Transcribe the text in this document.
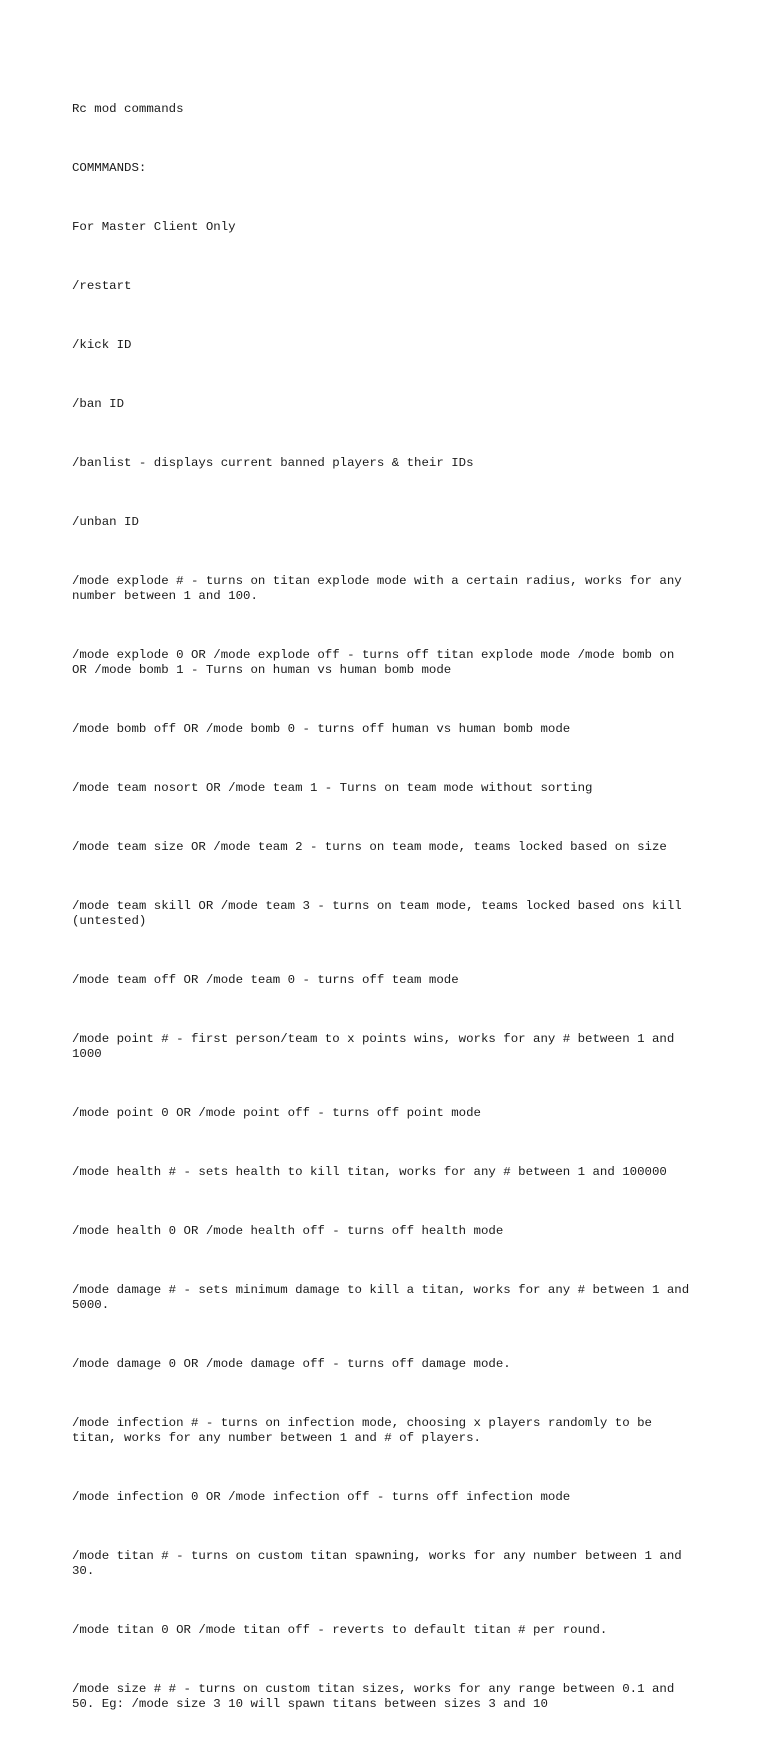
Rc mod commands

COMMMANDS:

For Master Client Only

/restart

/kick ID

/ban ID

/banlist - displays current banned players & their IDs

/unban ID

/mode explode # - turns on titan explode mode with a certain radius, works for any
number between 1 and 100.

/mode explode 0 OR /mode explode off - turns off titan explode mode /mode bomb on
OR /mode bomb 1 - Turns on human vs human bomb mode

/mode bomb off OR /mode bomb 0 - turns off human vs human bomb mode

/mode team nosort OR /mode team 1 - Turns on team mode without sorting

/mode team size OR /mode team 2 - turns on team mode, teams locked based on size

/mode team skill OR /mode team 3 - turns on team mode, teams locked based ons kill
(untested)

/mode team off OR /mode team 0 - turns off team mode

/mode point # - first person/team to x points wins, works for any # between 1 and
1000

/mode point 0 OR /mode point off - turns off point mode

/mode health # - sets health to kill titan, works for any # between 1 and 100000

/mode health 0 OR /mode health off - turns off health mode

/mode damage # - sets minimum damage to kill a titan, works for any # between 1 and
5000.

/mode damage 0 OR /mode damage off - turns off damage mode.

/mode infection # - turns on infection mode, choosing x players randomly to be
titan, works for any number between 1 and # of players.

/mode infection 0 OR /mode infection off - turns off infection mode

/mode titan # - turns on custom titan spawning, works for any number between 1 and
30.

/mode titan 0 OR /mode titan off - reverts to default titan # per round.

/mode size # # - turns on custom titan sizes, works for any range between 0.1 and
50. Eg: /mode size 3 10 will spawn titans between sizes 3 and 10
